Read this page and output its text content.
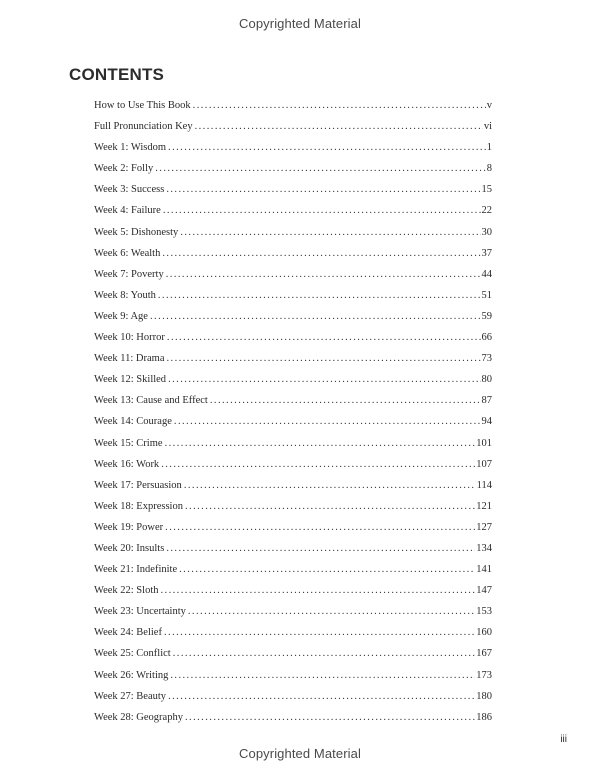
Copyrighted Material
CONTENTS
How to Use This Book . . .	v
Full Pronunciation Key . . .	vi
Week 1: Wisdom . . .	1
Week 2: Folly . . .	8
Week 3: Success . . .	15
Week 4: Failure . . .	22
Week 5: Dishonesty . . .	30
Week 6: Wealth . . .	37
Week 7: Poverty . . .	44
Week 8: Youth . . .	51
Week 9: Age . . .	59
Week 10: Horror . . .	66
Week 11: Drama . . .	73
Week 12: Skilled . . .	80
Week 13: Cause and Effect . . .	87
Week 14: Courage . . .	94
Week 15: Crime . . .	101
Week 16: Work . . .	107
Week 17: Persuasion . . .	114
Week 18: Expression . . .	121
Week 19: Power . . .	127
Week 20: Insults . . .	134
Week 21: Indefinite . . .	141
Week 22: Sloth . . .	147
Week 23: Uncertainty . . .	153
Week 24: Belief . . .	160
Week 25: Conflict . . .	167
Week 26: Writing . . .	173
Week 27: Beauty . . .	180
Week 28: Geography . . .	186
iii
Copyrighted Material
